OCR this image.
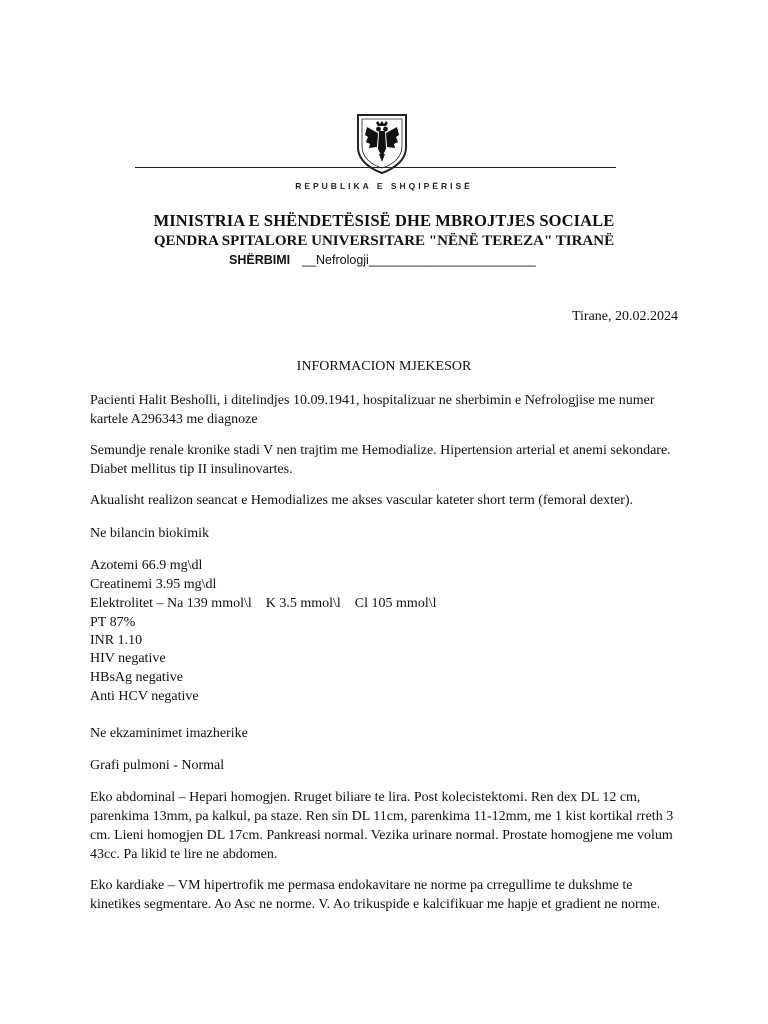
REPUBLIKA E SHQIPËRISË
MINISTRIA E SHËNDETËSISË DHE MBROJTJES SOCIALE
QENDRA SPITALORE UNIVERSITARE "NËNË TEREZA" TIRANË
SHËRBIMI __Nefrologji________________________
Tirane, 20.02.2024
INFORMACION MJEKESOR
Pacienti Halit Besholli, i ditelindjes 10.09.1941, hospitalizuar ne sherbimin e Nefrologjise me numer kartele A296343 me diagnoze
Semundje renale kronike stadi V nen trajtim me Hemodialize. Hipertension arterial et anemi sekondare. Diabet mellitus tip II insulinovartes.
Akualisht realizon seancat e Hemodializes me akses vascular kateter short term (femoral dexter).
Ne bilancin biokimik
Azotemi 66.9 mg\dl
Creatinemi 3.95 mg\dl
Elektrolitet – Na 139 mmol\l    K 3.5 mmol\l    Cl 105 mmol\l
PT 87%
INR 1.10
HIV negative
HBsAg negative
Anti HCV negative
Ne ekzaminimet imazherike
Grafi pulmoni - Normal
Eko abdominal – Hepari homogjen. Rruget biliare te lira. Post kolecistektomi. Ren dex DL 12 cm, parenkima 13mm, pa kalkul, pa staze. Ren sin DL 11cm, parenkima 11-12mm, me 1 kist kortikal rreth 3 cm. Lieni homogjen DL 17cm. Pankreasi normal. Vezika urinare normal. Prostate homogjene me volum 43cc. Pa likid te lire ne abdomen.
Eko kardiake – VM hipertrofik me permasa endokavitare ne norme pa crregullime te dukshme te kinetikes segmentare. Ao Asc ne norme. V. Ao trikuspide e kalcifikuar me hapje et gradient ne norme.
